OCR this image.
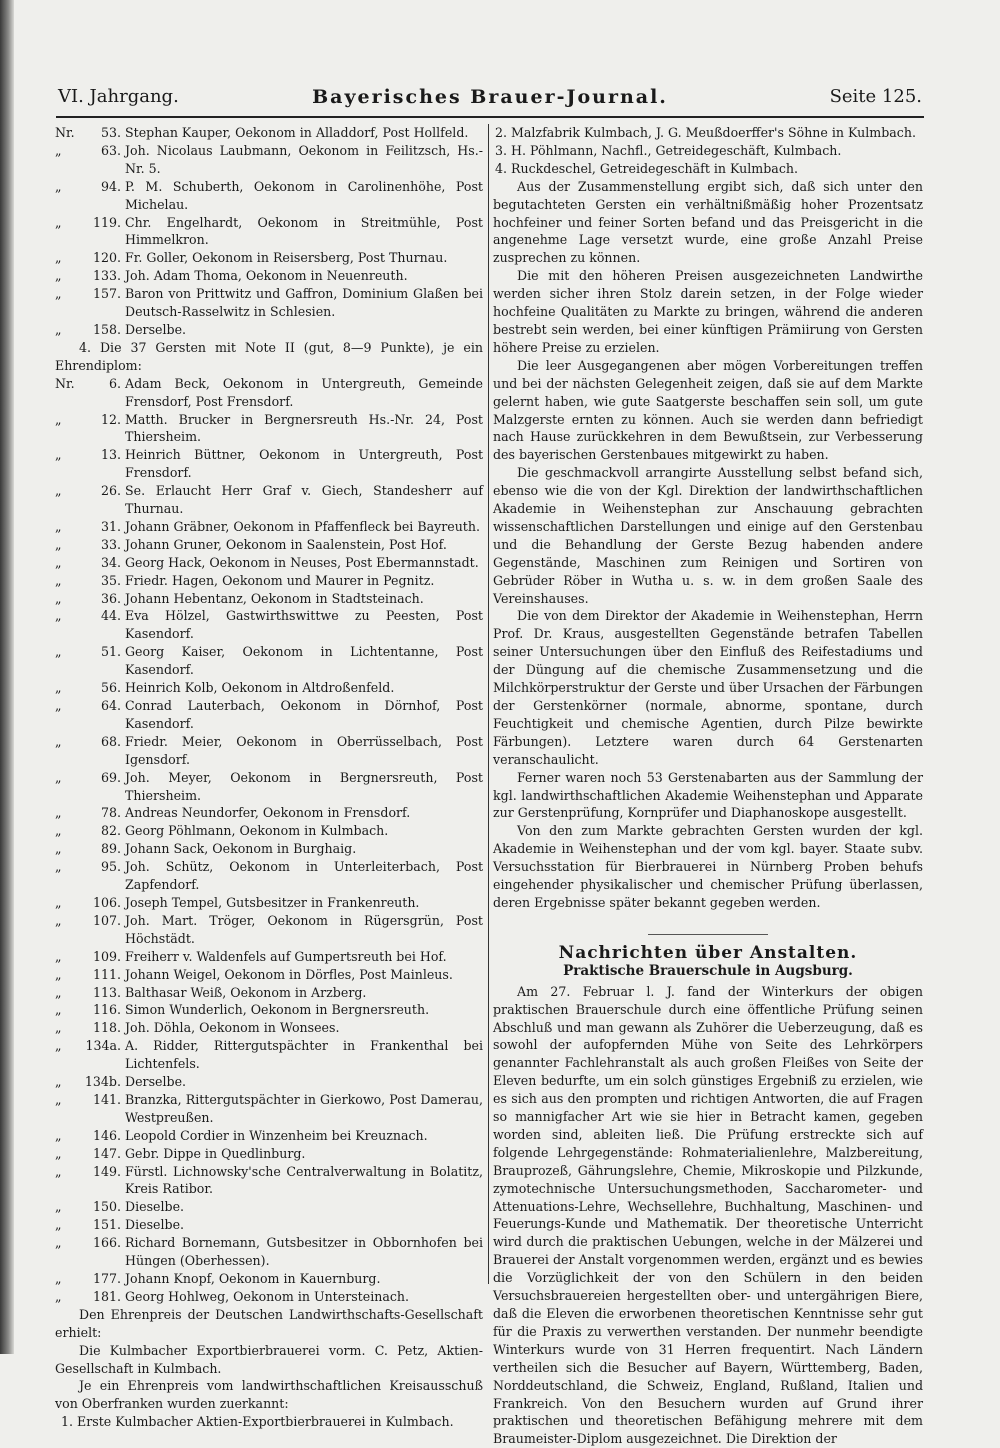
VI. Jahrgang.	Bayerisches Brauer-Journal.	Seite 125.
Nr.	53. Stephan Kauper, Oekonom in Alladdorf, Post Hollfeld.
„	63. Joh. Nicolaus Laubmann, Oekonom in Feilitzsch, Hs.-Nr. 5.
„	94. P. M. Schuberth, Oekonom in Carolinenhöhe, Post Michelau.
„	119. Chr. Engelhardt, Oekonom in Streitmühle, Post Himmelkron.
„	120. Fr. Goller, Oekonom in Reisersberg, Post Thurnau.
„	133. Joh. Adam Thoma, Oekonom in Neuenreuth.
„	157. Baron von Prittwitz und Gaffron, Dominium Glaßen bei Deutsch-Rasselwitz in Schlesien.
„	158. Derselbe.
4. Die 37 Gersten mit Note II (gut, 8—9 Punkte), je ein Ehrendiplom:
Nr.	6. Adam Beck, Oekonom in Untergreuth, Gemeinde Frensdorf, Post Frensdorf.
„	12. Matth. Brucker in Bergnersreuth Hs.-Nr. 24, Post Thiersheim.
„	13. Heinrich Büttner, Oekonom in Untergreuth, Post Frensdorf.
„	26. Se. Erlaucht Herr Graf v. Giech, Standesherr auf Thurnau.
„	31. Johann Gräbner, Oekonom in Pfaffenfleck bei Bayreuth.
„	33. Johann Gruner, Oekonom in Saalenstein, Post Hof.
„	34. Georg Hack, Oekonom in Neuses, Post Ebermannstadt.
„	35. Friedr. Hagen, Oekonom und Maurer in Pegnitz.
„	36. Johann Hebentanz, Oekonom in Stadtsteinach.
„	44. Eva Hölzel, Gastwirthswittwe zu Peesten, Post Kasendorf.
„	51. Georg Kaiser, Oekonom in Lichtentanne, Post Kasendorf.
„	56. Heinrich Kolb, Oekonom in Altdroßenfeld.
„	64. Conrad Lauterbach, Oekonom in Dörnhof, Post Kasendorf.
„	68. Friedr. Meier, Oekonom in Oberrüsselbach, Post Igensdorf.
„	69. Joh. Meyer, Oekonom in Bergnersreuth, Post Thiersheim.
„	78. Andreas Neundorfer, Oekonom in Frensdorf.
„	82. Georg Pöhlmann, Oekonom in Kulmbach.
„	89. Johann Sack, Oekonom in Burghaig.
„	95. Joh. Schütz, Oekonom in Unterleiterbach, Post Zapfendorf.
„	106. Joseph Tempel, Gutsbesitzer in Frankenreuth.
„	107. Joh. Mart. Tröger, Oekonom in Rügersgrün, Post Höchstädt.
„	109. Freiherr v. Waldenfels auf Gumpertsreuth bei Hof.
„	111. Johann Weigel, Oekonom in Dörfles, Post Mainleus.
„	113. Balthasar Weiß, Oekonom in Arzberg.
„	116. Simon Wunderlich, Oekonom in Bergnersreuth.
„	118. Joh. Döhla, Oekonom in Wonsees.
„	134a. A. Ridder, Rittergutspächter in Frankenthal bei Lichtenfels.
„	134b. Derselbe.
„	141. Branzka, Rittergutspächter in Gierkowo, Post Damerau, Westpreußen.
„	146. Leopold Cordier in Winzenheim bei Kreuznach.
„	147. Gebr. Dippe in Quedlinburg.
„	149. Fürstl. Lichnowsky'sche Centralverwaltung in Bolatitz, Kreis Ratibor.
„	150. Dieselbe.
„	151. Dieselbe.
„	166. Richard Bornemann, Gutsbesitzer in Obbornhofen bei Hüngen (Oberhessen).
„	177. Johann Knopf, Oekonom in Kauernburg.
„	181. Georg Hohlweg, Oekonom in Untersteinach.
Den Ehrenpreis der Deutschen Landwirthschafts-Gesellschaft erhielt:
Die Kulmbacher Exportbierbrauerei vorm. C. Petz, Aktien-Gesellschaft in Kulmbach.
Je ein Ehrenpreis vom landwirthschaftlichen Kreisausschuß von Oberfranken wurden zuerkannt:
1. Erste Kulmbacher Aktien-Exportbierbrauerei in Kulmbach.
2. Malzfabrik Kulmbach, J. G. Meußdoerffer's Söhne in Kulmbach.
3. H. Pöhlmann, Nachfl., Getreidegeschäft, Kulmbach.
4. Ruckdeschel, Getreidegeschäft in Kulmbach.
Aus der Zusammenstellung ergibt sich, daß sich unter den begutachteten Gersten ein verhältnißmäßig hoher Prozentsatz hochfeiner und feiner Sorten befand und das Preisgericht in die angenehme Lage versetzt wurde, eine große Anzahl Preise zusprechen zu können.
Die mit den höheren Preisen ausgezeichneten Landwirthe werden sicher ihren Stolz darein setzen, in der Folge wieder hochfeine Qualitäten zu Markte zu bringen, während die anderen bestrebt sein werden, bei einer künftigen Prämiirung von Gersten höhere Preise zu erzielen.
Die leer Ausgegangenen aber mögen Vorbereitungen treffen und bei der nächsten Gelegenheit zeigen, daß sie auf dem Markte gelernt haben, wie gute Saatgerste beschaffen sein soll, um gute Malzgerste ernten zu können. Auch sie werden dann befriedigt nach Hause zurückkehren in dem Bewußtsein, zur Verbesserung des bayerischen Gerstenbaues mitgewirkt zu haben.
Die geschmackvoll arrangirte Ausstellung selbst befand sich, ebenso wie die von der Kgl. Direktion der landwirthschaftlichen Akademie in Weihenstephan zur Anschauung gebrachten wissenschaftlichen Darstellungen und einige auf den Gerstenbau und die Behandlung der Gerste Bezug habenden andere Gegenstände, Maschinen zum Reinigen und Sortiren von Gebrüder Röber in Wutha u. s. w. in dem großen Saale des Vereinshauses.
Die von dem Direktor der Akademie in Weihenstephan, Herrn Prof. Dr. Kraus, ausgestellten Gegenstände betrafen Tabellen seiner Untersuchungen über den Einfluß des Reifestadiums und der Düngung auf die chemische Zusammensetzung und die Milchkörperstruktur der Gerste und über Ursachen der Färbungen der Gerstenkörner (normale, abnorme, spontane, durch Feuchtigkeit und chemische Agentien, durch Pilze bewirkte Färbungen). Letztere waren durch 64 Gerstenarten veranschaulicht.
Ferner waren noch 53 Gerstenabarten aus der Sammlung der kgl. landwirthschaftlichen Akademie Weihenstephan und Apparate zur Gerstenprüfung, Kornprüfer und Diaphanoskope ausgestellt.
Von den zum Markte gebrachten Gersten wurden der kgl. Akademie in Weihenstephan und der vom kgl. bayer. Staate subv. Versuchsstation für Bierbrauerei in Nürnberg Proben behufs eingehender physikalischer und chemischer Prüfung überlassen, deren Ergebnisse später bekannt gegeben werden.
Nachrichten über Anstalten.
Praktische Brauerschule in Augsburg.
Am 27. Februar l. J. fand der Winterkurs der obigen praktischen Brauerschule durch eine öffentliche Prüfung seinen Abschluß und man gewann als Zuhörer die Ueberzeugung, daß es sowohl der aufopfernden Mühe von Seite des Lehrkörpers genannter Fachlehranstalt als auch großen Fleißes von Seite der Eleven bedurfte, um ein solch günstiges Ergebniß zu erzielen, wie es sich aus den prompten und richtigen Antworten, die auf Fragen so mannigfacher Art wie sie hier in Betracht kamen, gegeben worden sind, ableiten ließ. Die Prüfung erstreckte sich auf folgende Lehrgegenstände: Rohmaterialienlehre, Malzbereitung, Brauprozeß, Gährungslehre, Chemie, Mikroskopie und Pilzkunde, zymotechnische Untersuchungsmethoden, Saccharometer- und Attenuations-Lehre, Wechsellehre, Buchhaltung, Maschinen- und Feuerungs-Kunde und Mathematik. Der theoretische Unterricht wird durch die praktischen Uebungen, welche in der Mälzerei und Brauerei der Anstalt vorgenommen werden, ergänzt und es bewies die Vorzüglichkeit der von den Schülern in den beiden Versuchsbrauereien hergestellten ober- und untergährigen Biere, daß die Eleven die erworbenen theoretischen Kenntnisse sehr gut für die Praxis zu verwerthen verstanden. Der nunmehr beendigte Winterkurs wurde von 31 Herren frequentirt. Nach Ländern vertheilen sich die Besucher auf Bayern, Württemberg, Baden, Norddeutschland, die Schweiz, England, Rußland, Italien und Frankreich. Von den Besuchern wurden auf Grund ihrer praktischen und theoretischen Befähigung mehrere mit dem Braumeister-Diplom ausgezeichnet. Die Direktion der
